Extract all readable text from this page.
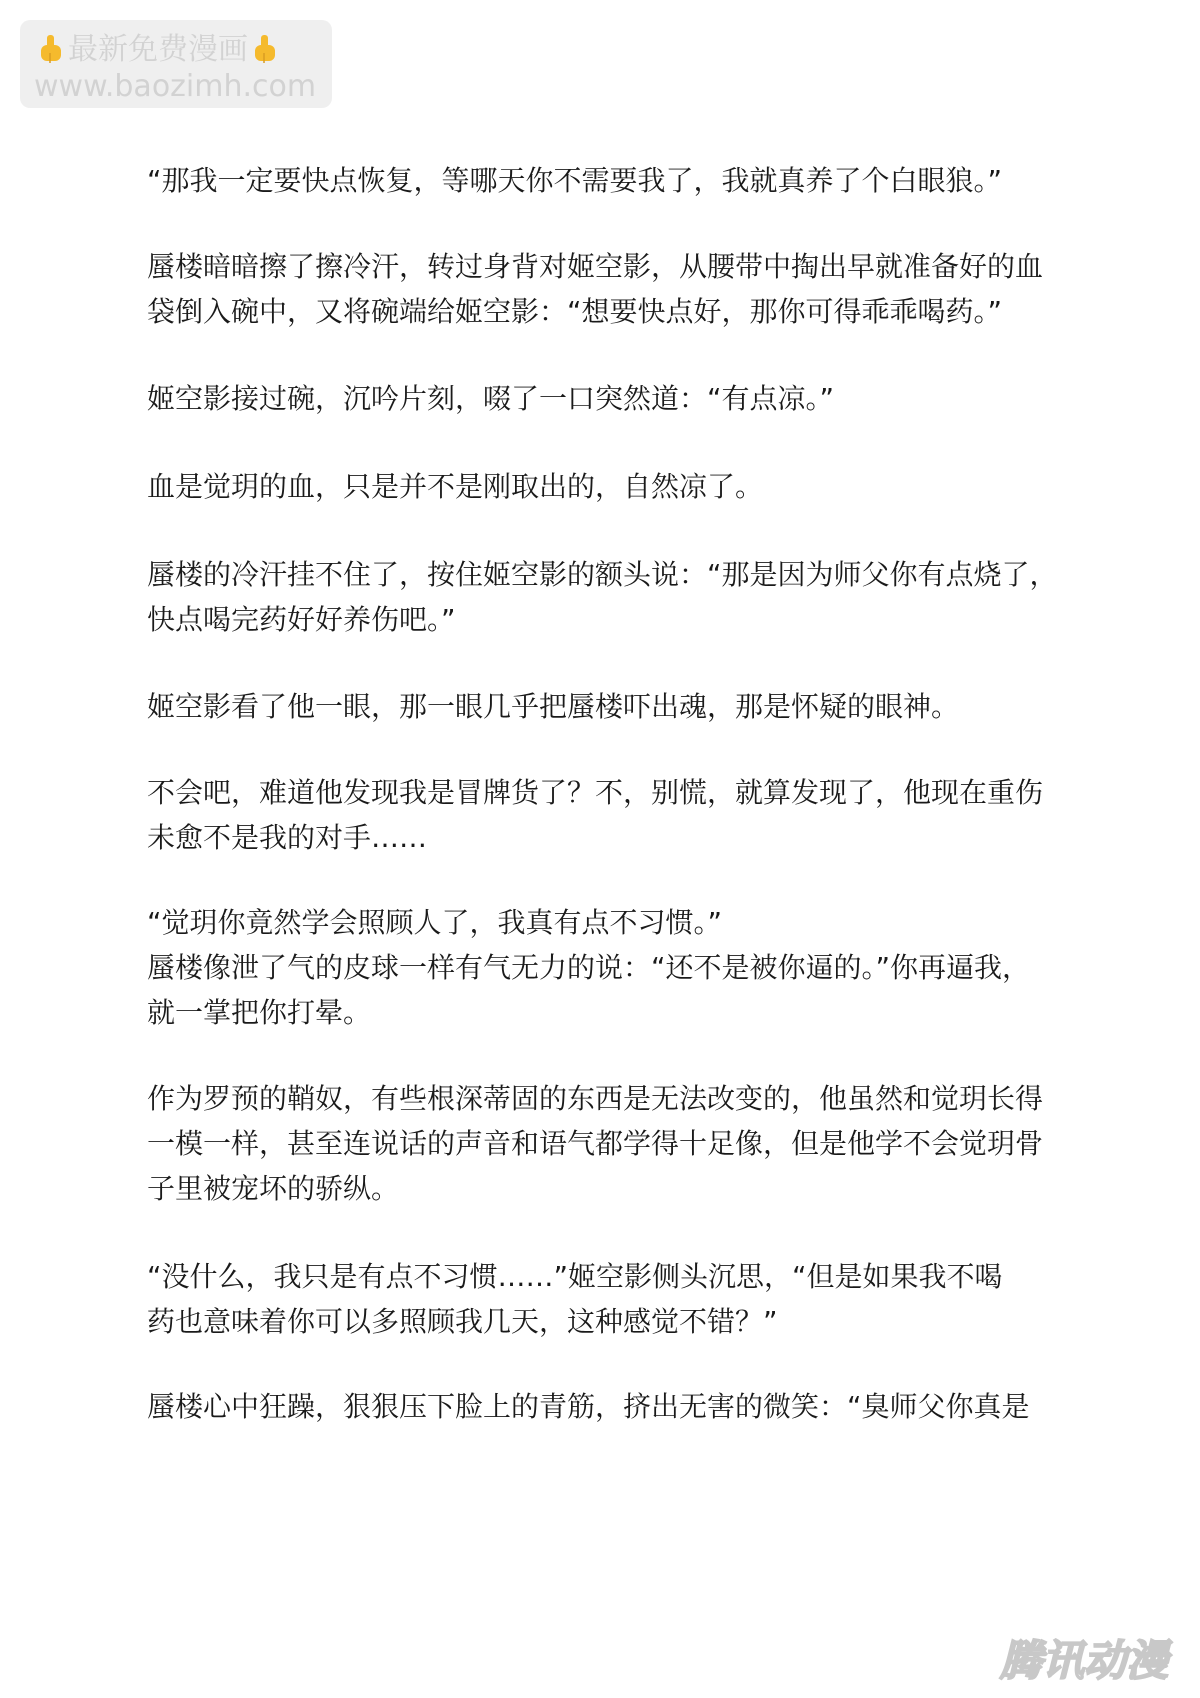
最新免费漫画
www.baozimh.com

“那我一定要快点恢复，等哪天你不需要我了，我就真养了个白眼狼。”

蜃楼暗暗擦了擦冷汗，转过身背对姬空影，从腰带中掏出早就准备好的血
袋倒入碗中，又将碗端给姬空影：“想要快点好，那你可得乖乖喝药。”

姬空影接过碗，沉吟片刻，啜了一口突然道：“有点凉。”

血是觉玥的血，只是并不是刚取出的，自然凉了。

蜃楼的冷汗挂不住了，按住姬空影的额头说：“那是因为师父你有点烧了，
快点喝完药好好养伤吧。”

姬空影看了他一眼，那一眼几乎把蜃楼吓出魂，那是怀疑的眼神。

不会吧，难道他发现我是冒牌货了？不，别慌，就算发现了，他现在重伤
未愈不是我的对手……

“觉玥你竟然学会照顾人了，我真有点不习惯。”
蜃楼像泄了气的皮球一样有气无力的说：“还不是被你逼的。”你再逼我，
就一掌把你打晕。

作为罗预的鞘奴，有些根深蒂固的东西是无法改变的，他虽然和觉玥长得
一模一样，甚至连说话的声音和语气都学得十足像，但是他学不会觉玥骨
子里被宠坏的骄纵。

“没什么，我只是有点不习惯……”姬空影侧头沉思，“但是如果我不喝
药也意味着你可以多照顾我几天，这种感觉不错？”

蜃楼心中狂躁，狠狠压下脸上的青筋，挤出无害的微笑：“臭师父你真是

腾讯动漫
